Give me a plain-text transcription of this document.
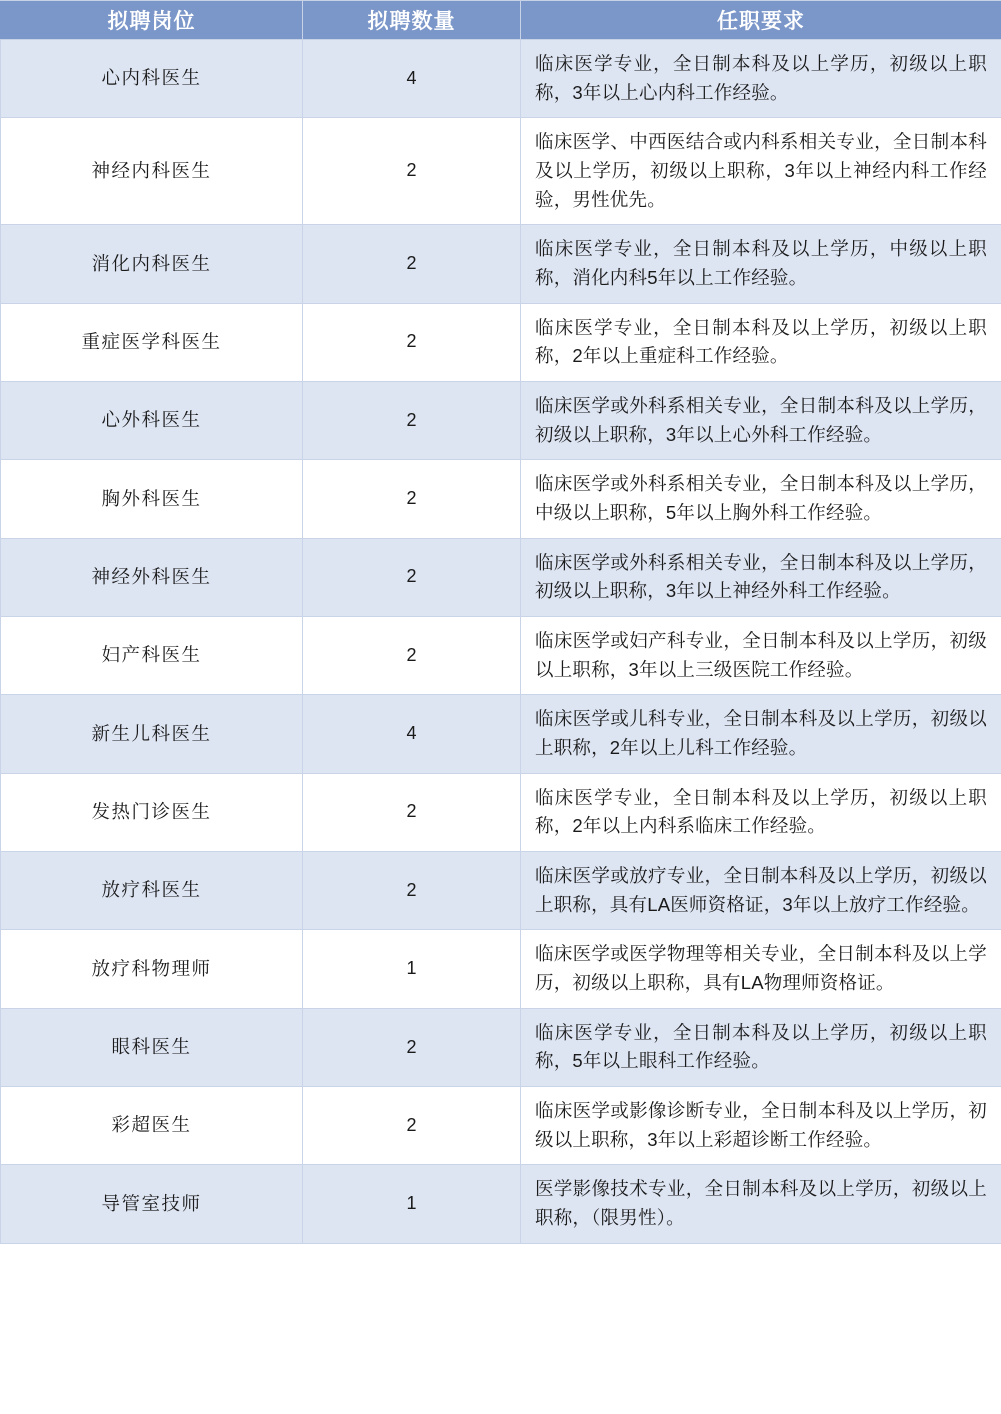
拟聘岗位	拟聘数量	任职要求
心内科医生	4	临床医学专业，全日制本科及以上学历，初级以上职称，3年以上心内科工作经验。
神经内科医生	2	临床医学、中西医结合或内科系相关专业，全日制本科及以上学历，初级以上职称，3年以上神经内科工作经验，男性优先。
消化内科医生	2	临床医学专业，全日制本科及以上学历，中级以上职称，消化内科5年以上工作经验。
重症医学科医生	2	临床医学专业，全日制本科及以上学历，初级以上职称，2年以上重症科工作经验。
心外科医生	2	临床医学或外科系相关专业，全日制本科及以上学历，初级以上职称，3年以上心外科工作经验。
胸外科医生	2	临床医学或外科系相关专业，全日制本科及以上学历，中级以上职称，5年以上胸外科工作经验。
神经外科医生	2	临床医学或外科系相关专业，全日制本科及以上学历，初级以上职称，3年以上神经外科工作经验。
妇产科医生	2	临床医学或妇产科专业，全日制本科及以上学历，初级以上职称，3年以上三级医院工作经验。
新生儿科医生	4	临床医学或儿科专业，全日制本科及以上学历，初级以上职称，2年以上儿科工作经验。
发热门诊医生	2	临床医学专业，全日制本科及以上学历，初级以上职称，2年以上内科系临床工作经验。
放疗科医生	2	临床医学或放疗专业，全日制本科及以上学历，初级以上职称，具有LA医师资格证，3年以上放疗工作经验。
放疗科物理师	1	临床医学或医学物理等相关专业，全日制本科及以上学历，初级以上职称，具有LA物理师资格证。
眼科医生	2	临床医学专业，全日制本科及以上学历，初级以上职称，5年以上眼科工作经验。
彩超医生	2	临床医学或影像诊断专业，全日制本科及以上学历，初级以上职称，3年以上彩超诊断工作经验。
导管室技师	1	医学影像技术专业，全日制本科及以上学历，初级以上职称，（限男性）。
